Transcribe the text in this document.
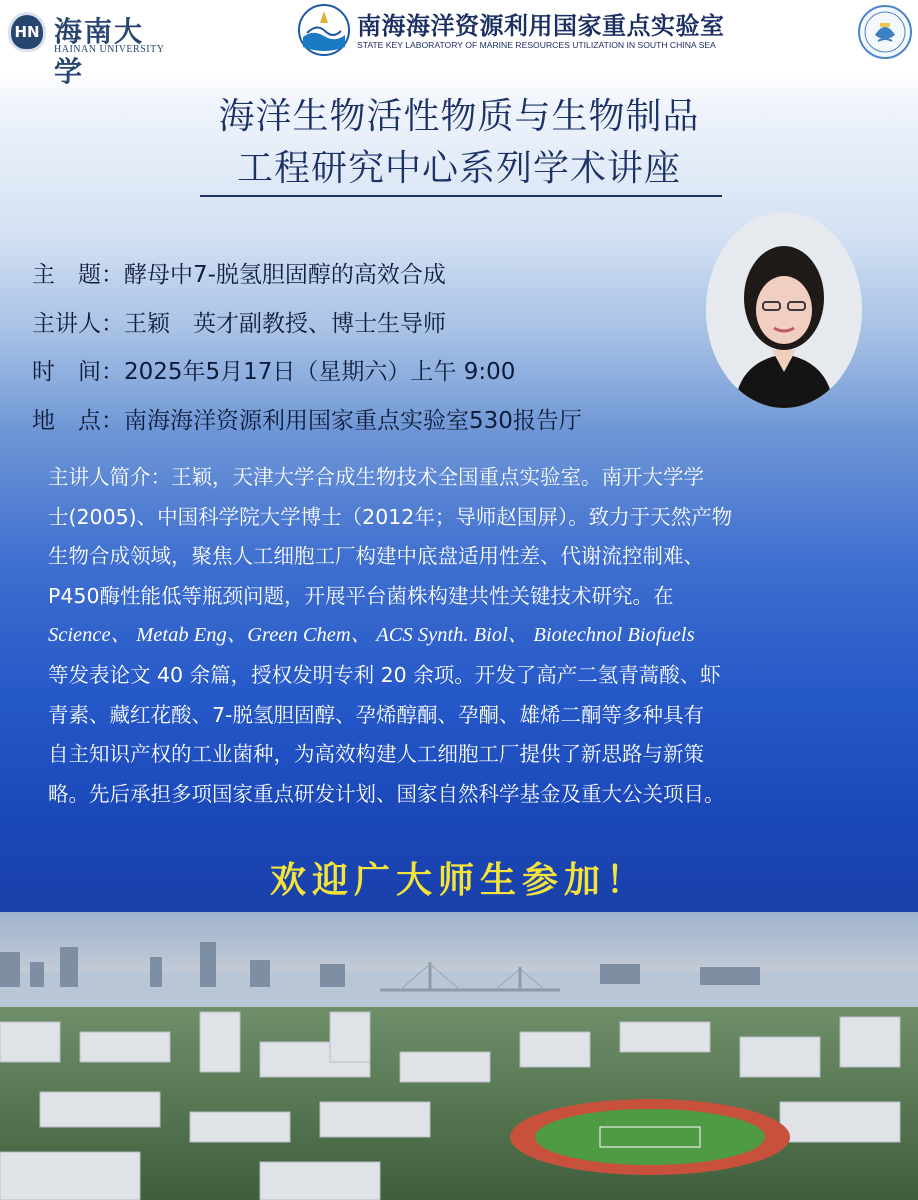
HN 海南大学
HAINAN UNIVERSITY
南海海洋资源利用国家重点实验室
STATE KEY LABORATORY OF MARINE RESOURCES UTILIZATION IN SOUTH CHINA SEA
海洋生物活性物质与生物制品
工程研究中心系列学术讲座
主　题：酵母中7-脱氢胆固醇的高效合成
主讲人：王颖　英才副教授、博士生导师
时　间：2025年5月17日（星期六）上午 9:00
地　点：南海海洋资源利用国家重点实验室530报告厅
主讲人简介：王颖，天津大学合成生物技术全国重点实验室。南开大学学
士(2005)、中国科学院大学博士（2012年；导师赵国屏）。致力于天然产物
生物合成领域，聚焦人工细胞工厂构建中底盘适用性差、代谢流控制难、
P450酶性能低等瓶颈问题，开展平台菌株构建共性关键技术研究。在
Science、 Metab Eng、Green Chem、 ACS Synth. Biol、 Biotechnol Biofuels
等发表论文 40 余篇，授权发明专利 20 余项。开发了高产二氢青蒿酸、虾
青素、藏红花酸、7-脱氢胆固醇、孕烯醇酮、孕酮、雄烯二酮等多种具有
自主知识产权的工业菌种，为高效构建人工细胞工厂提供了新思路与新策
略。先后承担多项国家重点研发计划、国家自然科学基金及重大公关项目。
欢迎广大师生参加！
